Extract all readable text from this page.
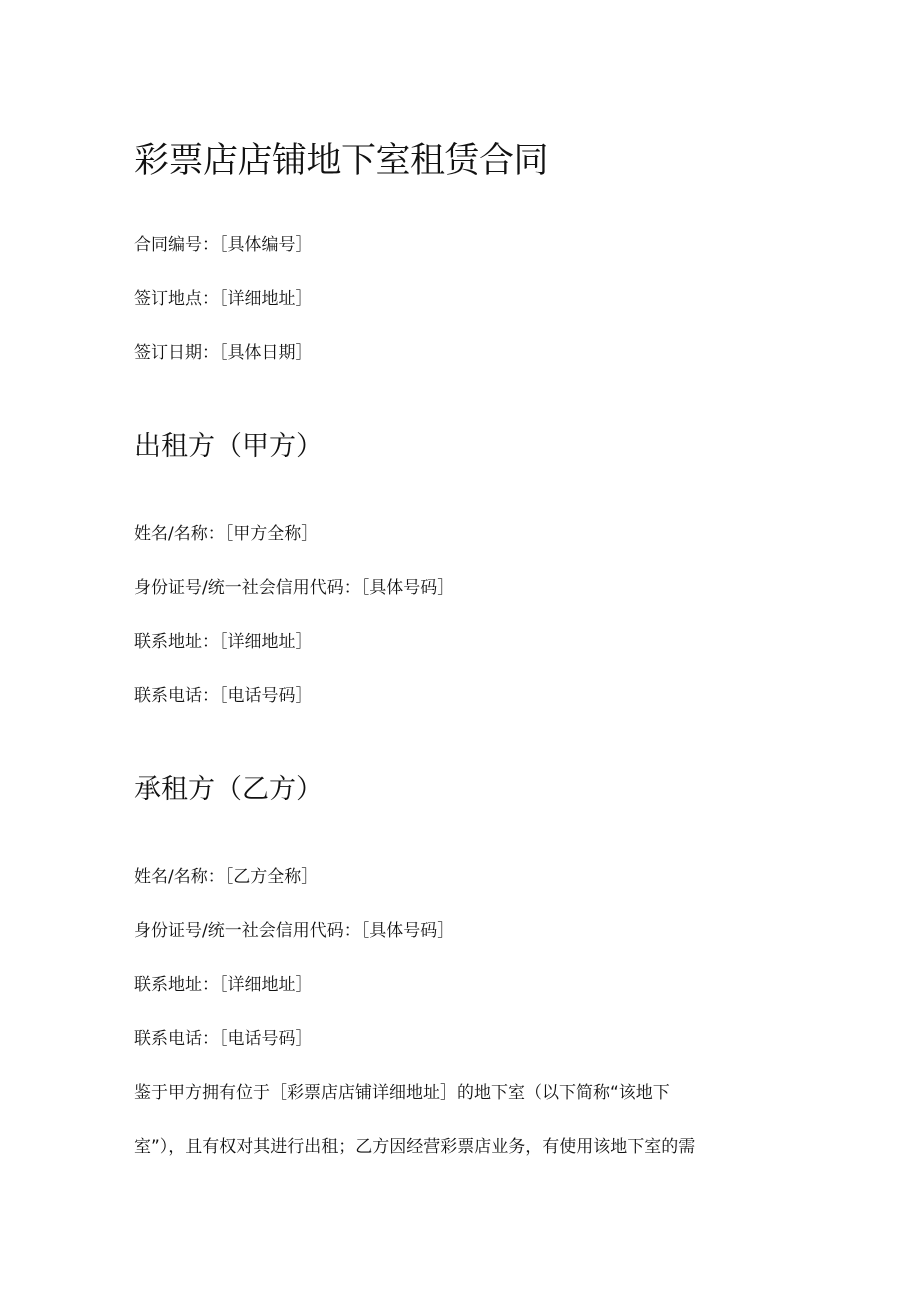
彩票店店铺地下室租赁合同

合同编号：［具体编号］

签订地点：［详细地址］

签订日期：［具体日期］

出租方（甲方）

姓名/名称：［甲方全称］

身份证号/统一社会信用代码：［具体号码］

联系地址：［详细地址］

联系电话：［电话号码］

承租方（乙方）

姓名/名称：［乙方全称］

身份证号/统一社会信用代码：［具体号码］

联系地址：［详细地址］

联系电话：［电话号码］

鉴于甲方拥有位于［彩票店店铺详细地址］的地下室（以下简称“该地下

室”），且有权对其进行出租；乙方因经营彩票店业务，有使用该地下室的需
